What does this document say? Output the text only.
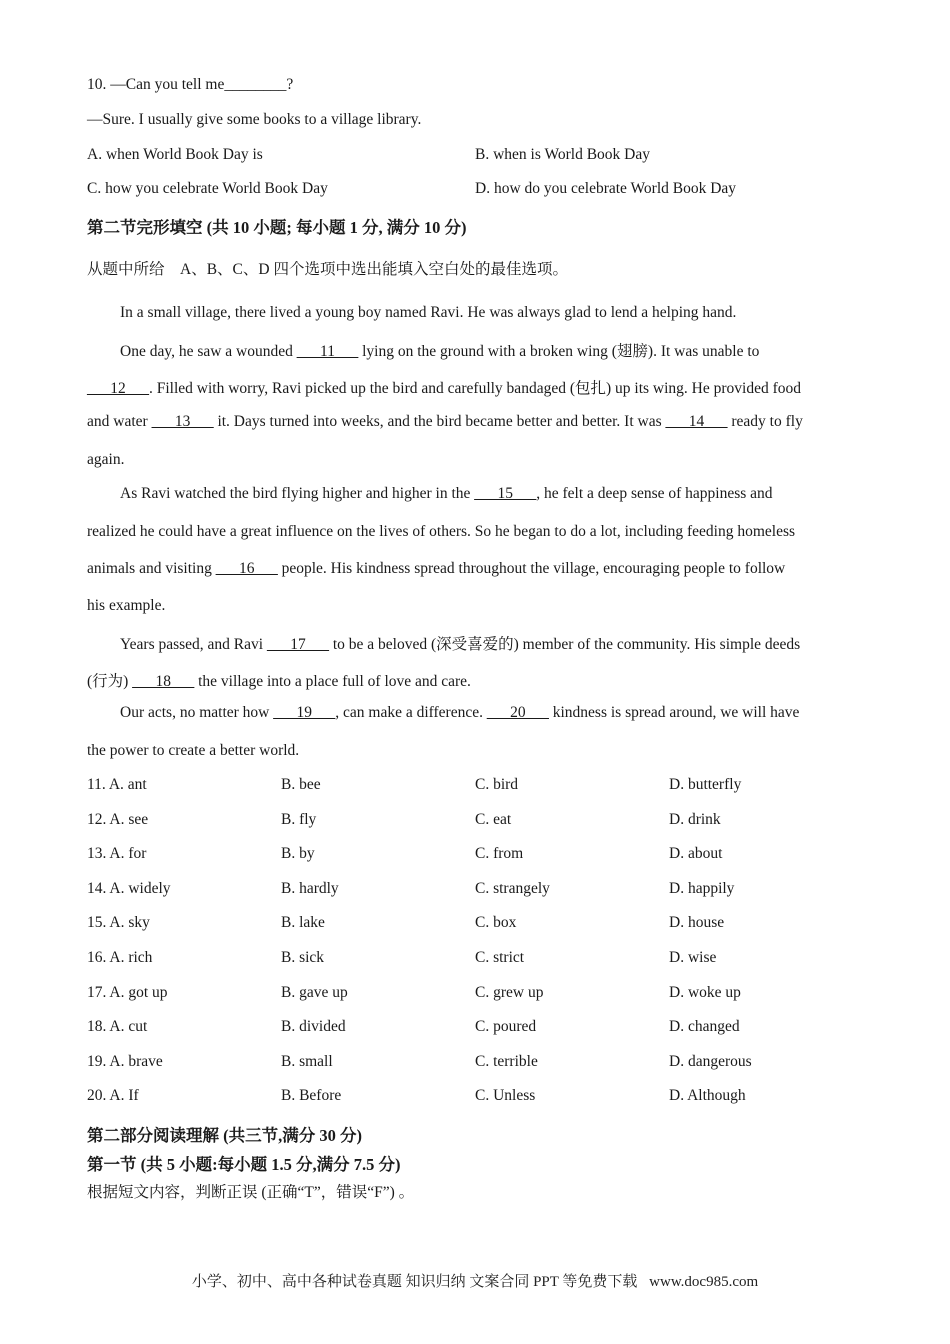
10. —Can you tell me________?
—Sure. I usually give some books to a village library.
A. when World Book Day is	B. when is World Book Day
C. how you celebrate World Book Day	D. how do you celebrate World Book Day
第二节完形填空 (共 10 小题; 每小题 1 分, 满分 10 分)
从题中所给　A、B、C、D 四个选项中选出能填入空白处的最佳选项。
In a small village, there lived a young boy named Ravi. He was always glad to lend a helping hand.
One day, he saw a wounded ___11___ lying on the ground with a broken wing (翅膀). It was unable to
___12___. Filled with worry, Ravi picked up the bird and carefully bandaged (包扎) up its wing. He provided food
and water ___13___ it. Days turned into weeks, and the bird became better and better. It was ___14___ ready to fly
again.
As Ravi watched the bird flying higher and higher in the ___15___, he felt a deep sense of happiness and
realized he could have a great influence on the lives of others. So he began to do a lot, including feeding homeless
animals and visiting ___16___ people. His kindness spread throughout the village, encouraging people to follow
his example.
Years passed, and Ravi ___17___ to be a beloved (深受喜爱的) member of the community. His simple deeds
(行为) ___18___ the village into a place full of love and care.
Our acts, no matter how ___19___, can make a difference. ___20___ kindness is spread around, we will have
the power to create a better world.
11. A. ant	B. bee	C. bird	D. butterfly
12. A. see	B. fly	C. eat	D. drink
13. A. for	B. by	C. from	D. about
14. A. widely	B. hardly	C. strangely	D. happily
15. A. sky	B. lake	C. box	D. house
16. A. rich	B. sick	C. strict	D. wise
17. A. got up	B. gave up	C. grew up	D. woke up
18. A. cut	B. divided	C. poured	D. changed
19. A. brave	B. small	C. terrible	D. dangerous
20. A. If	B. Before	C. Unless	D. Although
第二部分阅读理解 (共三节,满分 30 分)
第一节 (共 5 小题:每小题 1.5 分,满分 7.5 分)
根据短文内容，判断正误 (正确“T”，错误“F”) 。
小学、初中、高中各种试卷真题 知识归纳 文案合同 PPT 等免费下载 www.doc985.com
